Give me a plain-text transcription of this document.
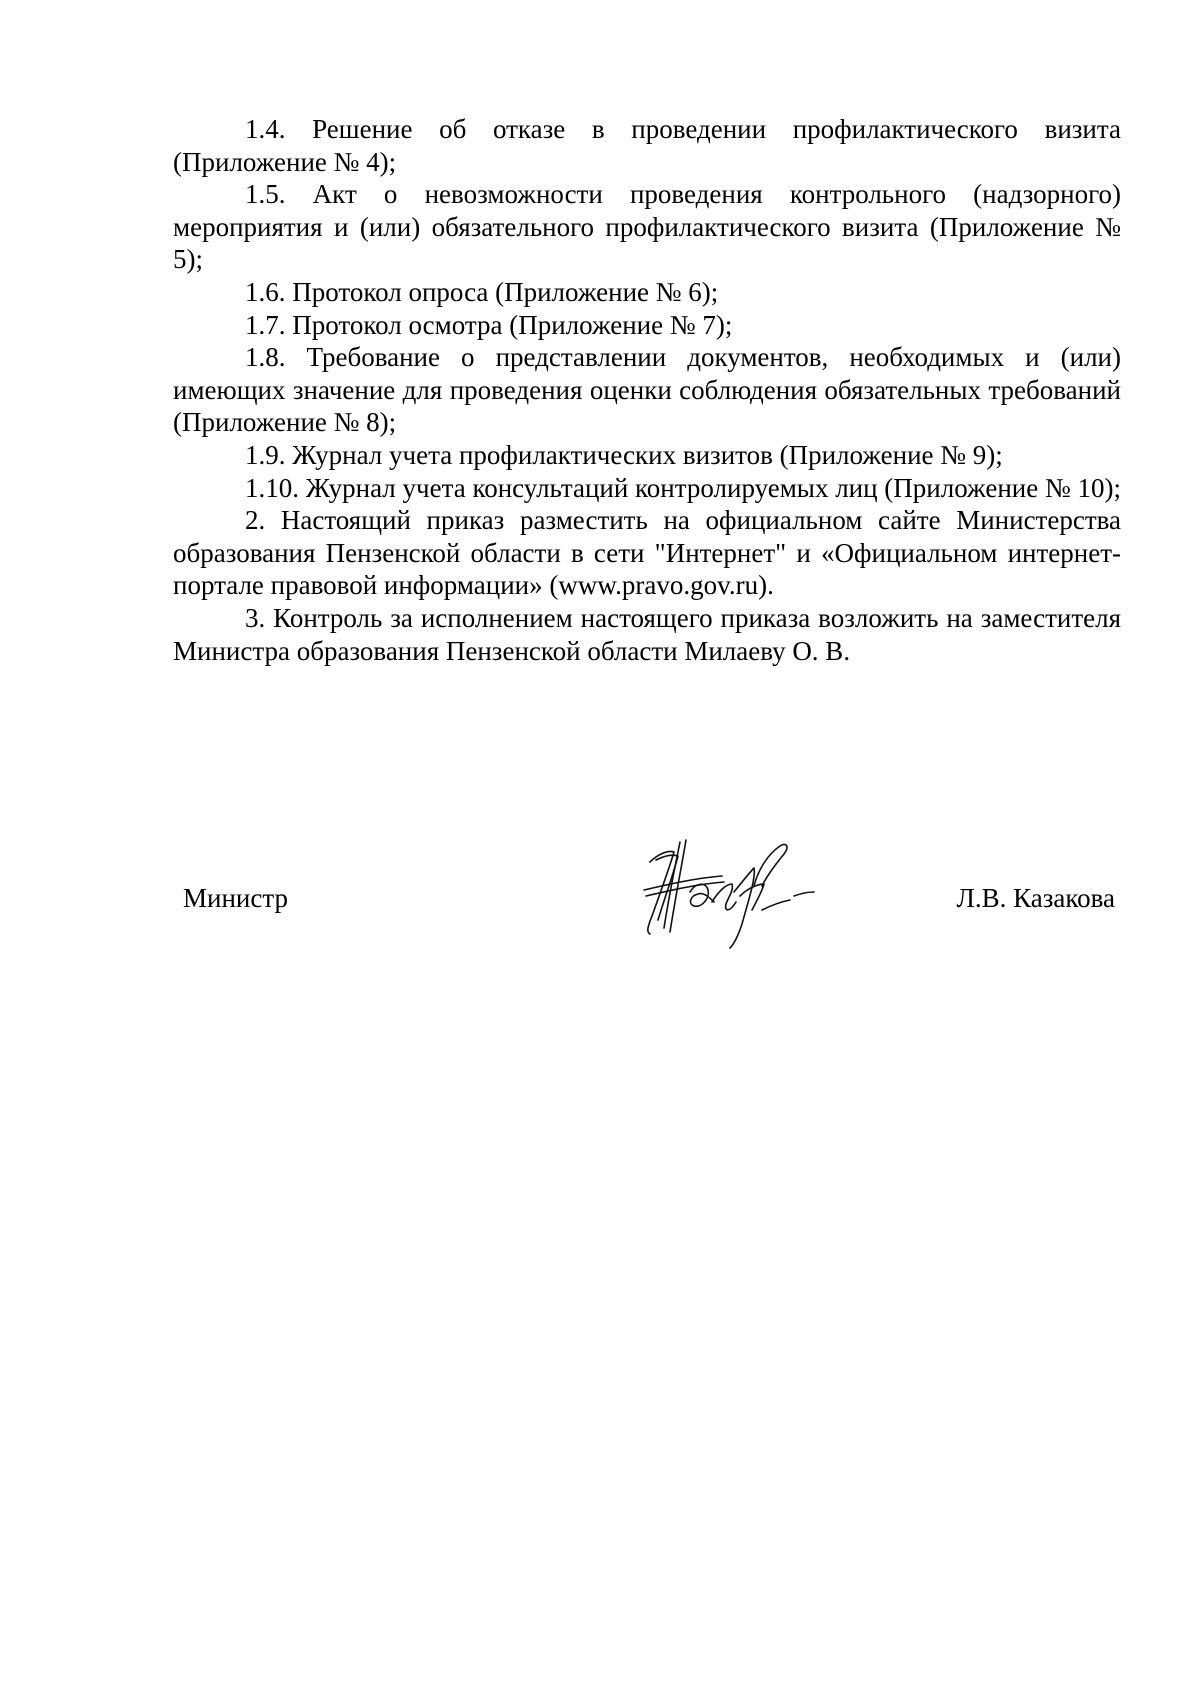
1.4. Решение об отказе в проведении профилактического визита (Приложение № 4);

1.5. Акт о невозможности проведения контрольного (надзорного) мероприятия и (или) обязательного профилактического визита (Приложение № 5);

1.6. Протокол опроса (Приложение № 6);

1.7. Протокол осмотра (Приложение № 7);

1.8. Требование о представлении документов, необходимых и (или) имеющих значение для проведения оценки соблюдения обязательных требований (Приложение № 8);

1.9. Журнал учета профилактических визитов (Приложение № 9);

1.10. Журнал учета консультаций контролируемых лиц (Приложение № 10);

2. Настоящий приказ разместить на официальном сайте Министерства образования Пензенской области в сети "Интернет" и «Официальном интернет-портале правовой информации» (www.pravo.gov.ru).

3. Контроль за исполнением настоящего приказа возложить на заместителя Министра образования Пензенской области Милаеву О. В.

Министр	Л.В. Казакова
